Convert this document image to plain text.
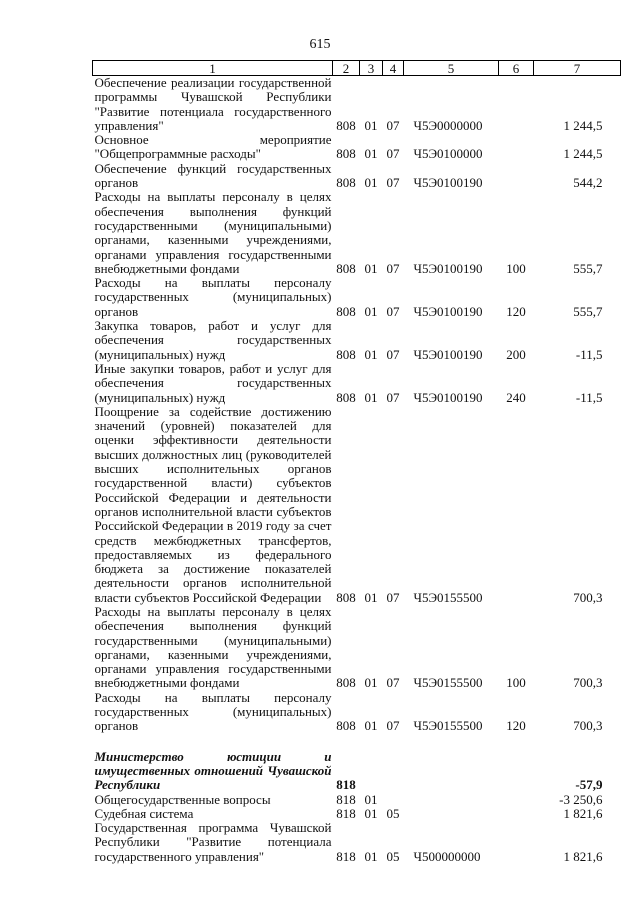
615
1	2	3	4	5	6	7
Обеспечение реализации государственной программы Чувашской Республики "Развитие потенциала государственного управления"	808	01	07	Ч5Э0000000		1 244,5
Основное мероприятие "Общепрограммные расходы"	808	01	07	Ч5Э0100000		1 244,5
Обеспечение функций государственных органов	808	01	07	Ч5Э0100190		544,2
Расходы на выплаты персоналу в целях обеспечения выполнения функций государственными (муниципальными) органами, казенными учреждениями, органами управления государственными внебюджетными фондами	808	01	07	Ч5Э0100190	100	555,7
Расходы на выплаты персоналу государственных (муниципальных) органов	808	01	07	Ч5Э0100190	120	555,7
Закупка товаров, работ и услуг для обеспечения государственных (муниципальных) нужд	808	01	07	Ч5Э0100190	200	-11,5
Иные закупки товаров, работ и услуг для обеспечения государственных (муниципальных) нужд	808	01	07	Ч5Э0100190	240	-11,5
Поощрение за содействие достижению значений (уровней) показателей для оценки эффективности деятельности высших должностных лиц (руководителей высших исполнительных органов государственной власти) субъектов Российской Федерации и деятельности органов исполнительной власти субъектов Российской Федерации в 2019 году за счет средств межбюджетных трансфертов, предоставляемых из федерального бюджета за достижение показателей деятельности органов исполнительной власти субъектов Российской Федерации	808	01	07	Ч5Э0155500		700,3
Расходы на выплаты персоналу в целях обеспечения выполнения функций государственными (муниципальными) органами, казенными учреждениями, органами управления государственными внебюджетными фондами	808	01	07	Ч5Э0155500	100	700,3
Расходы на выплаты персоналу государственных (муниципальных) органов	808	01	07	Ч5Э0155500	120	700,3

Министерство юстиции и имущественных отношений Чувашской Республики	818					-57,9
Общегосударственные вопросы	818	01				-3 250,6
Судебная система	818	01	05			1 821,6
Государственная программа Чувашской Республики "Развитие потенциала государственного управления"	818	01	05	Ч500000000		1 821,6
